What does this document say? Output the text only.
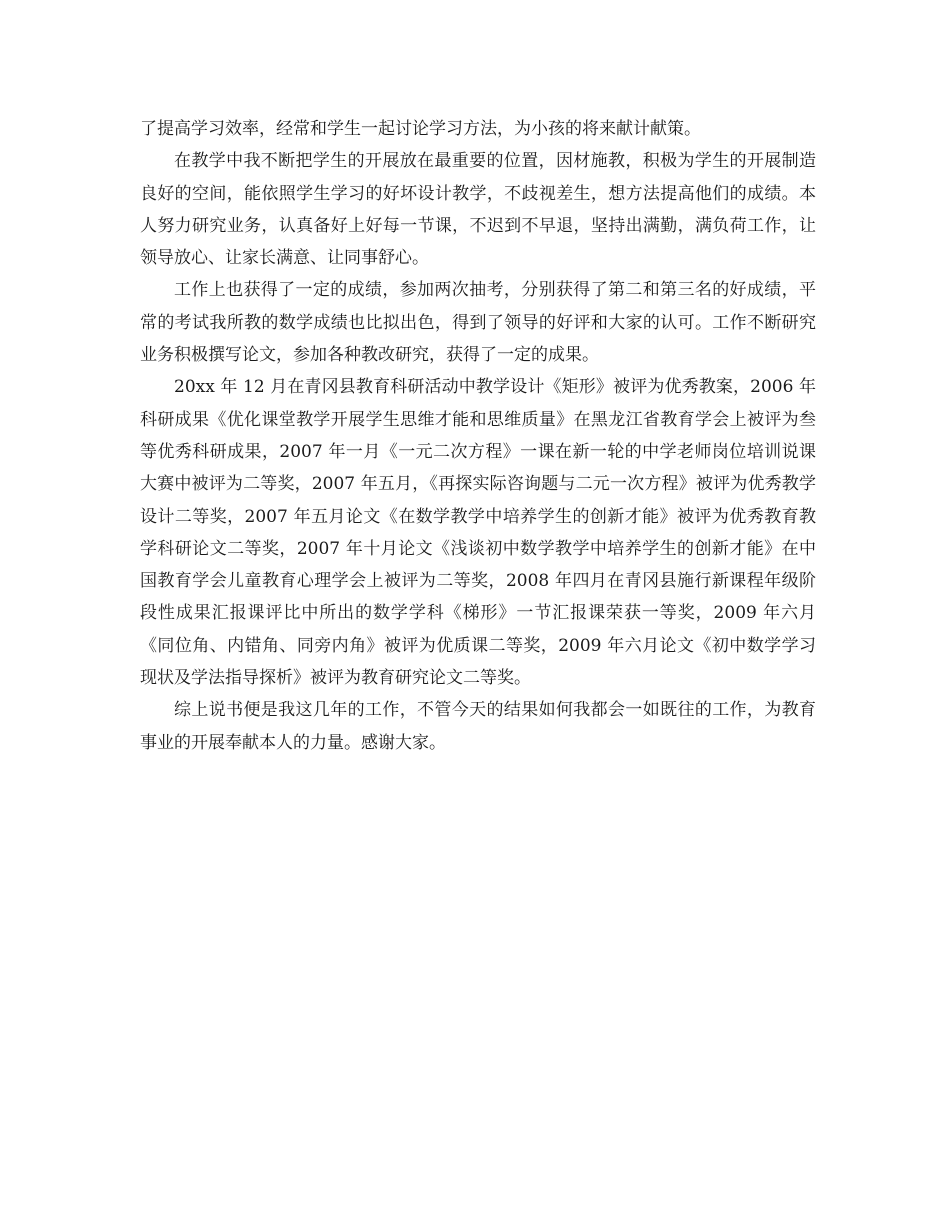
了提高学习效率，经常和学生一起讨论学习方法，为小孩的将来献计献策。

在教学中我不断把学生的开展放在最重要的位置，因材施教，积极为学生的开展制造良好的空间，能依照学生学习的好坏设计教学，不歧视差生，想方法提高他们的成绩。本人努力研究业务，认真备好上好每一节课，不迟到不早退，坚持出满勤，满负荷工作，让领导放心、让家长满意、让同事舒心。

工作上也获得了一定的成绩，参加两次抽考，分别获得了第二和第三名的好成绩，平常的考试我所教的数学成绩也比拟出色，得到了领导的好评和大家的认可。工作不断研究业务积极撰写论文，参加各种教改研究，获得了一定的成果。

20xx 年 12 月在青冈县教育科研活动中教学设计《矩形》被评为优秀教案，2006 年科研成果《优化课堂教学开展学生思维才能和思维质量》在黑龙江省教育学会上被评为叁等优秀科研成果，2007 年一月《一元二次方程》一课在新一轮的中学老师岗位培训说课大赛中被评为二等奖，2007 年五月，《再探实际咨询题与二元一次方程》被评为优秀教学设计二等奖，2007 年五月论文《在数学教学中培养学生的创新才能》被评为优秀教育教学科研论文二等奖，2007 年十月论文《浅谈初中数学教学中培养学生的创新才能》在中国教育学会儿童教育心理学会上被评为二等奖，2008 年四月在青冈县施行新课程年级阶段性成果汇报课评比中所出的数学学科《梯形》一节汇报课荣获一等奖，2009 年六月《同位角、内错角、同旁内角》被评为优质课二等奖，2009 年六月论文《初中数学学习现状及学法指导探析》被评为教育研究论文二等奖。

综上说书便是我这几年的工作，不管今天的结果如何我都会一如既往的工作，为教育事业的开展奉献本人的力量。感谢大家。
